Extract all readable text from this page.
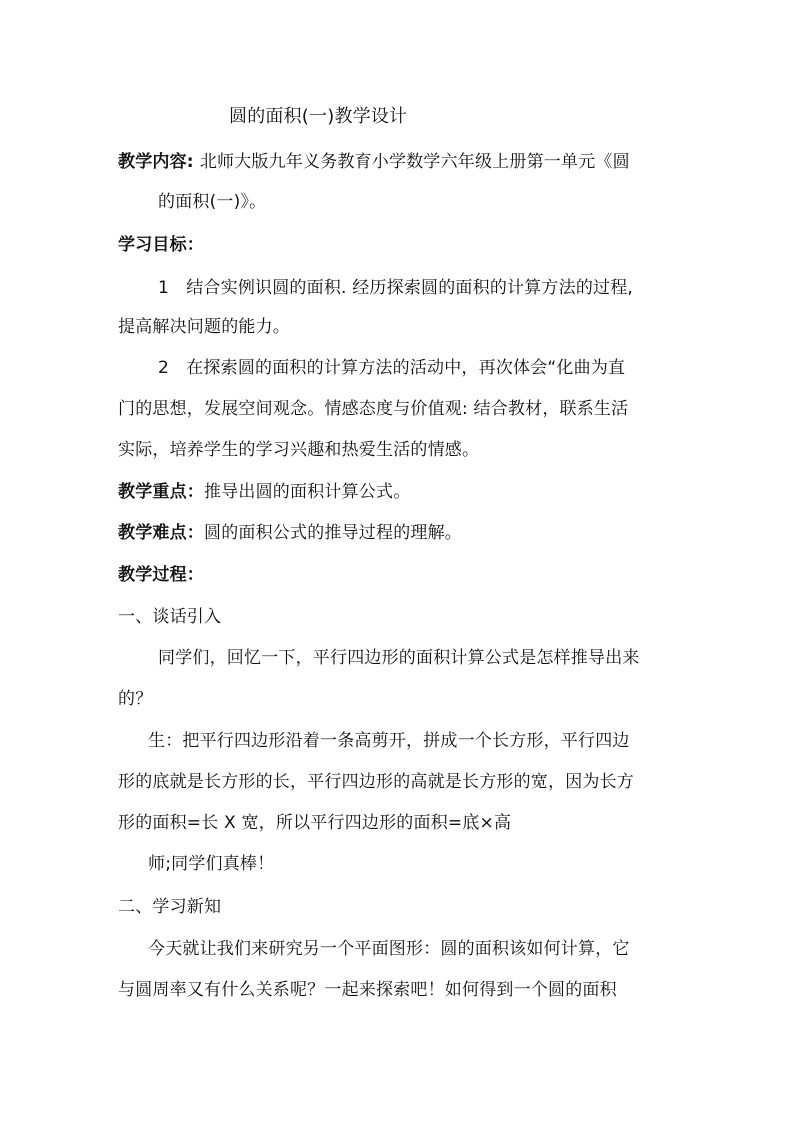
圆的面积(一)教学设计
教学内容: 北师大版九年义务教育小学数学六年级上册第一单元《圆
的面积(一)》。
学习目标：
1　结合实例识圆的面积. 经历探索圆的面积的计算方法的过程,
提高解决问题的能力。
2　在探索圆的面积的计算方法的活动中，再次体会“化曲为直
门的思想，发展空间观念。情感态度与价值观: 结合教材，联系生活
实际，培养学生的学习兴趣和热爱生活的情感。
教学重点：推导出圆的面积计算公式。
教学难点：圆的面积公式的推导过程的理解。
教学过程：
一、谈话引入
同学们，回忆一下，平行四边形的面积计算公式是怎样推导出来
的？
生：把平行四边形沿着一条高剪开，拼成一个长方形，平行四边
形的底就是长方形的长，平行四边形的高就是长方形的宽，因为长方
形的面积=长 X 宽，所以平行四边形的面积=底×高
师;同学们真棒！
二、学习新知
今天就让我们来研究另一个平面图形：圆的面积该如何计算，它
与圆周率又有什么关系呢？一起来探索吧！如何得到一个圆的面积
